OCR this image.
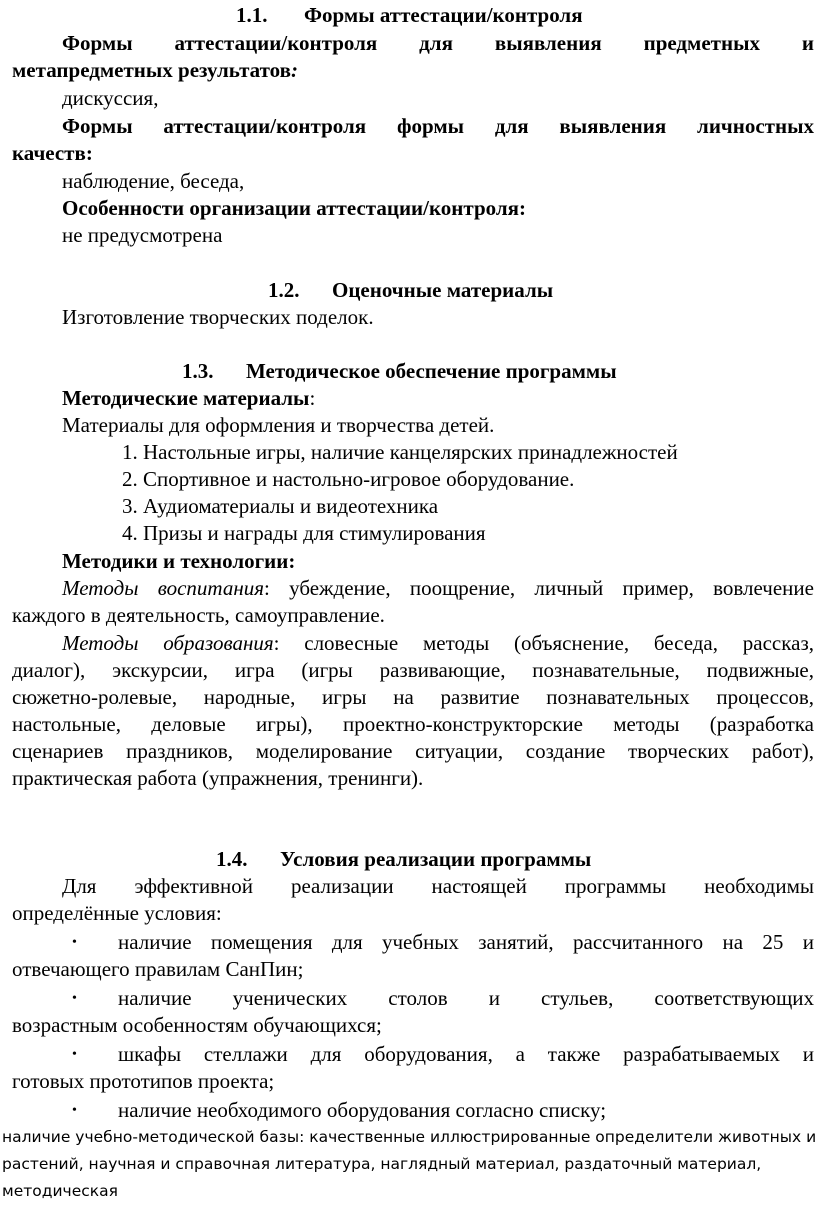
1.1. Формы аттестации/контроля
Формы аттестации/контроля для выявления предметных и
метапредметных результатов:
дискуссия,
Формы аттестации/контроля формы для выявления личностных
качеств:
наблюдение, беседа,
Особенности организации аттестации/контроля:
не предусмотрена
1.2. Оценочные материалы
Изготовление творческих поделок.
1.3. Методическое обеспечение программы
Методические материалы:
Материалы для оформления и творчества детей.
1. Настольные игры, наличие канцелярских принадлежностей
2. Спортивное и настольно-игровое оборудование.
3. Аудиоматериалы и видеотехника
4. Призы и награды для стимулирования
Методики и технологии:
Методы воспитания: убеждение, поощрение, личный пример, вовлечение
каждого в деятельность, самоуправление.
Методы образования: словесные методы (объяснение, беседа, рассказ,
диалог), экскурсии, игра (игры развивающие, познавательные, подвижные,
сюжетно-ролевые, народные, игры на развитие познавательных процессов,
настольные, деловые игры), проектно-конструкторские методы (разработка
сценариев праздников, моделирование ситуации, создание творческих работ),
практическая работа (упражнения, тренинги).
1.4. Условия реализации программы
Для эффективной реализации настоящей программы необходимы
определённые условия:
• наличие помещения для учебных занятий, рассчитанного на 25 и
отвечающего правилам СанПин;
• наличие ученических столов и стульев, соответствующих
возрастным особенностям обучающихся;
• шкафы стеллажи для оборудования, а также разрабатываемых и
готовых прототипов проекта;
• наличие необходимого оборудования согласно списку;
наличие учебно-методической базы: качественные иллюстрированные определители животных и
растений, научная и справочная литература, наглядный материал, раздаточный материал,
методическая
